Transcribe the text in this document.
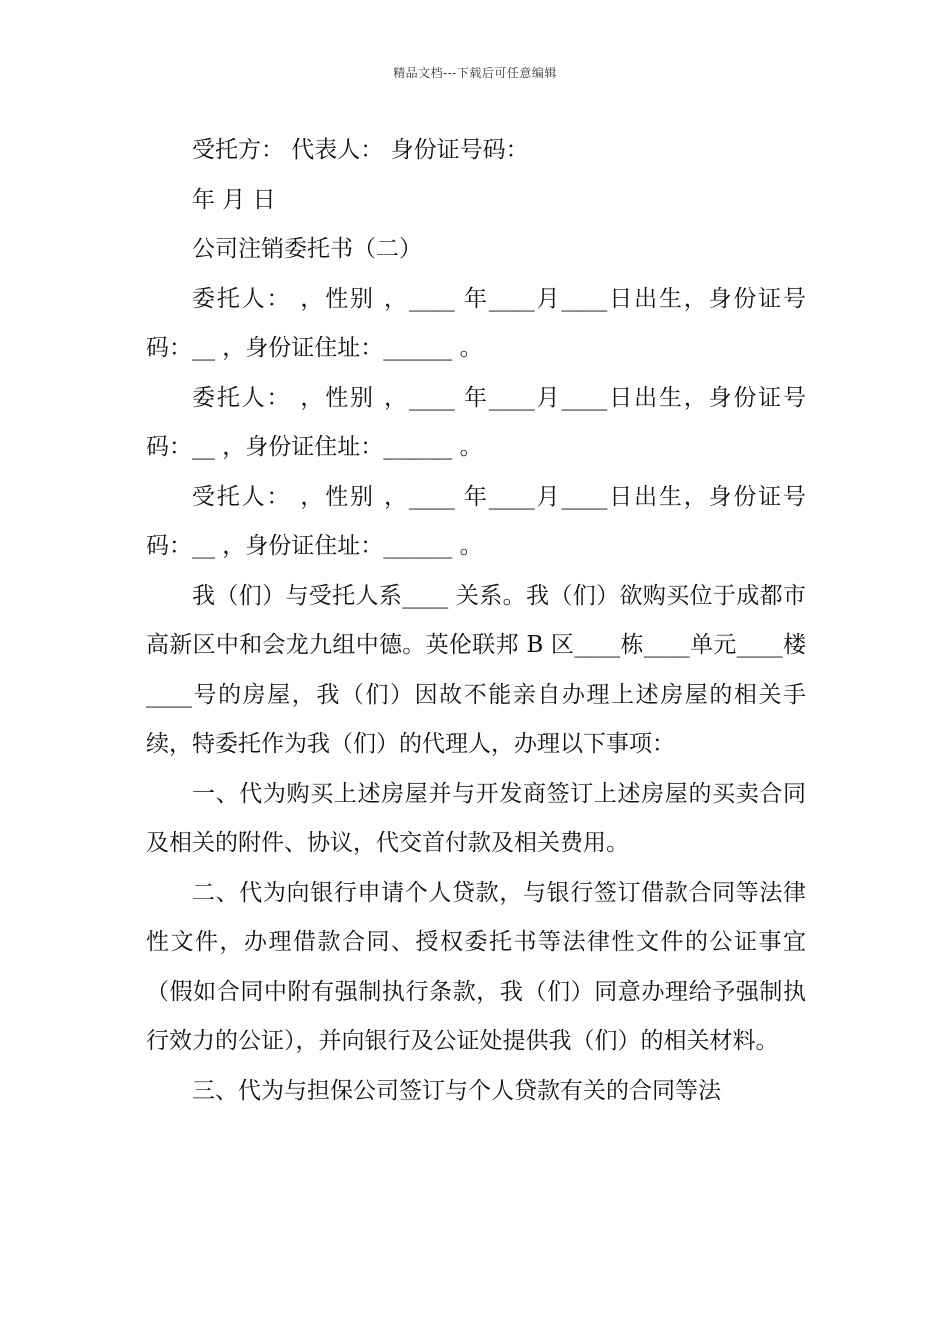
精品文档---下载后可任意编辑

受托方： 代表人： 身份证号码：

年 月 日

公司注销委托书（二）

委托人： ，性别 ，____ 年____月____日出生，身份证号码：__ ，身份证住址：______ 。

委托人： ，性别 ，____ 年____月____日出生，身份证号码：__ ，身份证住址：______ 。

受托人： ，性别 ，____ 年____月____日出生，身份证号码：__ ，身份证住址：______ 。

我（们）与受托人系____ 关系。我（们）欲购买位于成都市高新区中和会龙九组中德。英伦联邦 B 区____栋____单元____楼____号的房屋，我（们）因故不能亲自办理上述房屋的相关手续，特委托作为我（们）的代理人，办理以下事项：

一、代为购买上述房屋并与开发商签订上述房屋的买卖合同及相关的附件、协议，代交首付款及相关费用。

二、代为向银行申请个人贷款，与银行签订借款合同等法律性文件，办理借款合同、授权委托书等法律性文件的公证事宜（假如合同中附有强制执行条款，我（们）同意办理给予强制执行效力的公证），并向银行及公证处提供我（们）的相关材料。

三、代为与担保公司签订与个人贷款有关的合同等法
